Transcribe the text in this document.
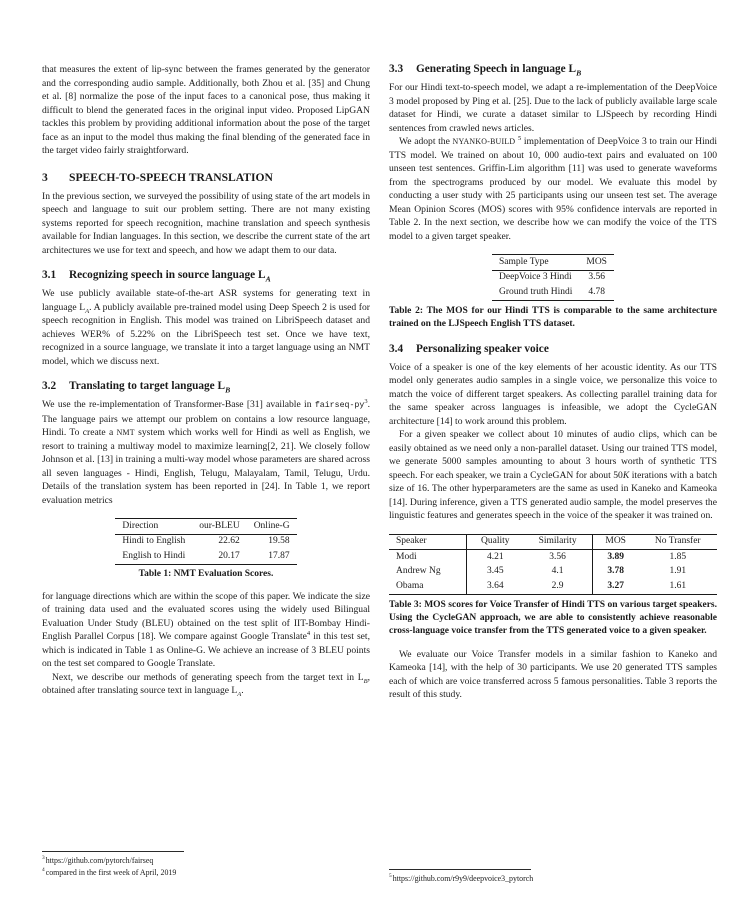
that measures the extent of lip-sync between the frames generated by the generator and the corresponding audio sample. Additionally, both Zhou et al. [35] and Chung et al. [8] normalize the pose of the input faces to a canonical pose, thus making it difficult to blend the generated faces in the original input video. Proposed LipGAN tackles this problem by providing additional information about the pose of the target face as an input to the model thus making the final blending of the generated face in the target video fairly straightforward.

3 SPEECH-TO-SPEECH TRANSLATION

In the previous section, we surveyed the possibility of using state of the art models in speech and language to suit our problem setting. There are not many existing systems reported for speech recognition, machine translation and speech synthesis available for Indian languages. In this section, we describe the current state of the art architectures we use for text and speech, and how we adapt them to our data.

3.1 Recognizing speech in source language $L_A$

We use publicly available state-of-the-art ASR systems for generating text in language $L_A$. A publicly available pre-trained model using Deep Speech 2 is used for speech recognition in English. This model was trained on LibriSpeech dataset and achieves WER% of 5.22% on the LibriSpeech test set. Once we have text, recognized in a source language, we translate it into a target language using an NMT model, which we discuss next.

3.2 Translating to target language $L_B$

We use the re-implementation of Transformer-Base [31] available in fairseq-$py^3$. The language pairs we attempt our problem on contains a low resource language, Hindi. To create a NMT system which works well for Hindi as well as English, we resort to training a multiway model to maximize learning[2, 21]. We closely follow Johnson et al. [13] in training a multi-way model whose parameters are shared across all seven languages - Hindi, English, Telugu, Malayalam, Tamil, Telugu, Urdu. Details of the translation system has been reported in [24]. In Table 1, we report evaluation metrics

Direction	our-BLEU	Online-G
Hindi to English	22.62	19.58
English to Hindi	20.17	17.87
Table 1: NMT Evaluation Scores.

for language directions which are within the scope of this paper. We indicate the size of training data used and the evaluated scores using the widely used Bilingual Evaluation Under Study (BLEU) obtained on the test split of IIT-Bombay Hindi-English Parallel Corpus [18]. We compare against Google Translate$^4$ in this test set, which is indicated in Table 1 as Online-G. We achieve an increase of 3 BLEU points on the test set compared to Google Translate.

Next, we describe our methods of generating speech from the target text in $L_B$, obtained after translating source text in language $L_A$.

$^3$https://github.com/pytorch/fairseq

$^4$compared in the first week of April, 2019

3.3 Generating Speech in language $L_B$

For our Hindi text-to-speech model, we adapt a re-implementation of the DeepVoice 3 model proposed by Ping et al. [25]. Due to the lack of publicly available large scale dataset for Hindi, we curate a dataset similar to LJSpeech by recording Hindi sentences from crawled news articles.

We adopt the NYANKO-BUILD $^5$ implementation of DeepVoice 3 to train our Hindi TTS model. We trained on about 10, 000 audio-text pairs and evaluated on 100 unseen test sentences. Griffin-Lim algorithm [11] was used to generate waveforms from the spectrograms produced by our model. We evaluate this model by conducting a user study with 25 participants using our unseen test set. The average Mean Opinion Scores (MOS) scores with 95% confidence intervals are reported in Table 2. In the next section, we describe how we can modify the voice of the TTS model to a given target speaker.

Sample Type	MOS
DeepVoice 3 Hindi	3.56
Ground truth Hindi	4.78
Table 2: The MOS for our Hindi TTS is comparable to the same architecture trained on the LJSpeech English TTS dataset.
3.4 Personalizing speaker voice

Voice of a speaker is one of the key elements of her acoustic identity. As our TTS model only generates audio samples in a single voice, we personalize this voice to match the voice of different target speakers. As collecting parallel training data for the same speaker across languages is infeasible, we adopt the CycleGAN architecture [14] to work around this problem.

For a given speaker we collect about 10 minutes of audio clips, which can be easily obtained as we need only a non-parallel dataset. Using our trained TTS model, we generate 5000 samples amounting to about 3 hours worth of synthetic TTS speech. For each speaker, we train a CycleGAN for about 50K iterations with a batch size of 16. The other hyperparameters are the same as used in Kaneko and Kameoka [14]. During inference, given a TTS generated audio sample, the model preserves the linguistic features and generates speech in the voice of the speaker it was trained on.

Speaker	Quality	Similarity	MOS	No Transfer
Modi	4.21	3.56	3.89	1.85
Andrew Ng	3.45	4.1	3.78	1.91
Obama	3.64	2.9	3.27	1.61
Table 3: MOS scores for Voice Transfer of Hindi TTS on various target speakers. Using the CycleGAN approach, we are able to consistently achieve reasonable cross-language voice transfer from the TTS generated voice to a given speaker.

We evaluate our Voice Transfer models in a similar fashion to Kaneko and Kameoka [14], with the help of 30 participants. We use 20 generated TTS samples each of which are voice transferred across 5 famous personalities. Table 3 reports the result of this study.

$^5$https://github.com/r9y9/deepvoice3_pytorch
